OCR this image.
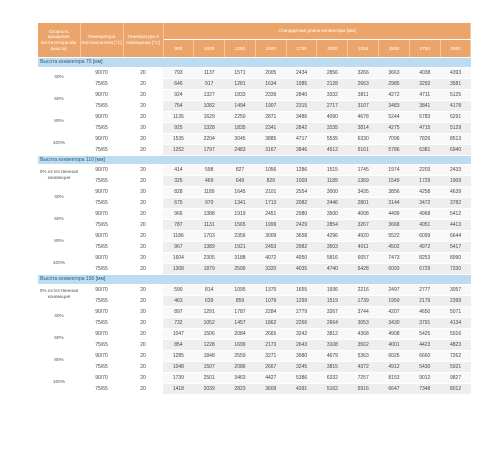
Скорость вращения вентилятора в/м (масса)	Температура теплоносителя [°C]	Температура в помещении [°C]	Стандартная длина конвектора [мм]									
			800	1000	1250	1500	1750	2000	2250	2500	2750	3000
Высота конвектора 75 [мм]												
40%	90/70	20	793	1137	1571	2005	2434	2856	3266	3663	4038	4393
	75/65	20	646	917	1281	1634	1985	2128	2663	2985	3292	3581
60%	90/70	20	924	1327	1833	2339	2840	3332	3811	4272	4711	5125
	75/65	20	754	1082	1494	1907	2315	2717	3107	3483	3841	4178
80%	90/70	20	1135	1629	2250	2871	3486	4090	4678	5244	5783	6291
	75/65	20	925	1328	1835	2341	2842	3335	3814	4275	4715	5129
100%	90/70	20	1535	2204	3045	3885	4717	5535	6330	7096	7826	8513
	75/65	20	1252	1797	2483	3167	3846	4512	5161	5786	6381	6940
Высота конвектора 110 [мм]												
0% естественная конвекция	90/70	20	414	598	827	1056	1286	1515	1745	1974	2203	2433
	75/65	20	325	469	649	829	1009	1189	1369	1549	1729	1909
40%	90/70	20	828	1189	1645	2101	2554	3000	3435	3856	4258	4639
	75/65	20	675	970	1341	1713	2082	2446	2801	3144	3472	3782
60%	90/70	20	966	1388	1919	2451	2980	3500	4008	4499	4968	5412
	75/65	20	787	1131	1565	1999	2429	2854	3267	3668	4051	4413
80%	90/70	20	1186	1703	2356	3009	3658	4296	4920	5522	6099	6644
	75/65	20	967	1389	1921	2453	2982	3503	4011	4502	4972	5417
100%	90/70	20	1604	2305	3188	4072	4950	5816	6657	7473	8253	8990
	75/65	20	1308	1879	2599	3320	4035	4740	5428	6093	6729	7330
Высота конвектора 150 [мм]												
0% естественная конвекция	90/70	20	590	814	1095	1375	1655	1936	2216	2497	2777	3057
	75/65	20	463	639	859	1079	1299	1519	1739	1959	2179	2399
40%	90/70	20	897	1291	1787	2284	2779	3267	3744	4207	4650	5071
	75/65	20	732	1052	1457	1862	2266	2664	3053	3430	3791	4134
60%	90/70	20	1047	1506	2084	2665	3242	3812	4368	4908	5425	5916
	75/65	20	854	1228	1699	2173	2643	3108	3562	4001	4423	4823
80%	90/70	20	1285	1848	2559	3271	3980	4679	5363	6025	6660	7262
	75/65	20	1048	1507	2086	2667	3245	3815	4372	4912	5430	5921
100%	90/70	20	1739	2501	3463	4427	5386	6332	7257	8153	9012	9827
	75/65	20	1418	2039	2823	3609	4391	5162	5916	6647	7348	8012
